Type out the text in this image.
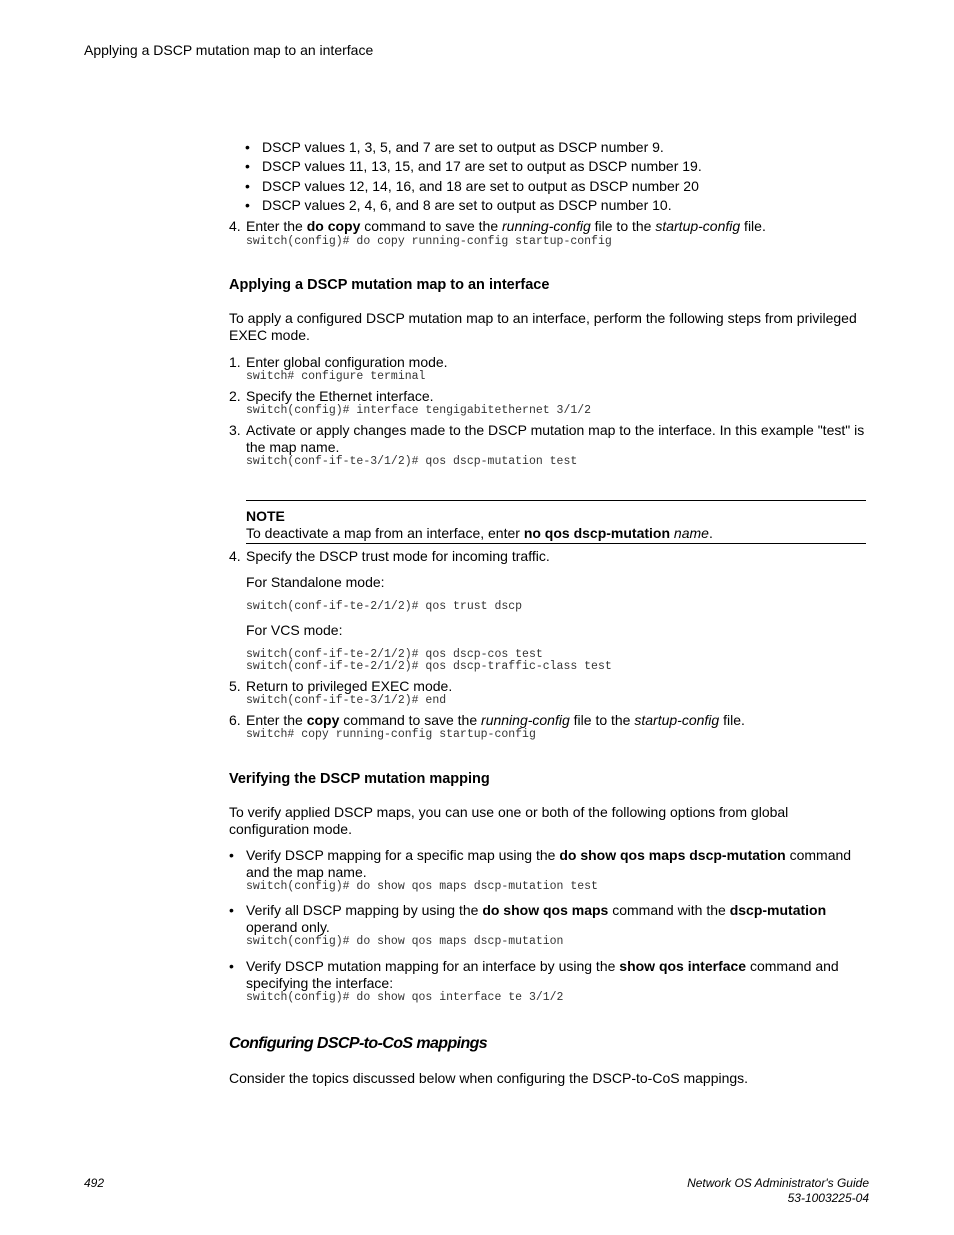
Applying a DSCP mutation map to an interface
• DSCP values 1, 3, 5, and 7 are set to output as DSCP number 9.
• DSCP values 11, 13, 15, and 17 are set to output as DSCP number 19.
• DSCP values 12, 14, 16, and 18 are set to output as DSCP number 20
• DSCP values 2, 4, 6, and 8 are set to output as DSCP number 10.
4. Enter the do copy command to save the running-config file to the startup-config file.
switch(config)# do copy running-config startup-config
Applying a DSCP mutation map to an interface
To apply a configured DSCP mutation map to an interface, perform the following steps from privileged
EXEC mode.
1. Enter global configuration mode.
switch# configure terminal
2. Specify the Ethernet interface.
switch(config)# interface tengigabitethernet 3/1/2
3. Activate or apply changes made to the DSCP mutation map to the interface. In this example "test" is
the map name.
switch(conf-if-te-3/1/2)# qos dscp-mutation test
NOTE
To deactivate a map from an interface, enter no qos dscp-mutation name.
4. Specify the DSCP trust mode for incoming traffic.
For Standalone mode:
switch(conf-if-te-2/1/2)# qos trust dscp
For VCS mode:
switch(conf-if-te-2/1/2)# qos dscp-cos test
switch(conf-if-te-2/1/2)# qos dscp-traffic-class test
5. Return to privileged EXEC mode.
switch(conf-if-te-3/1/2)# end
6. Enter the copy command to save the running-config file to the startup-config file.
switch# copy running-config startup-config
Verifying the DSCP mutation mapping
To verify applied DSCP maps, you can use one or both of the following options from global
configuration mode.
• Verify DSCP mapping for a specific map using the do show qos maps dscp-mutation command
and the map name.
switch(config)# do show qos maps dscp-mutation test
• Verify all DSCP mapping by using the do show qos maps command with the dscp-mutation
operand only.
switch(config)# do show qos maps dscp-mutation
• Verify DSCP mutation mapping for an interface by using the show qos interface command and
specifying the interface:
switch(config)# do show qos interface te 3/1/2
Configuring DSCP-to-CoS mappings
Consider the topics discussed below when configuring the DSCP-to-CoS mappings.
492	Network OS Administrator's Guide
53-1003225-04
